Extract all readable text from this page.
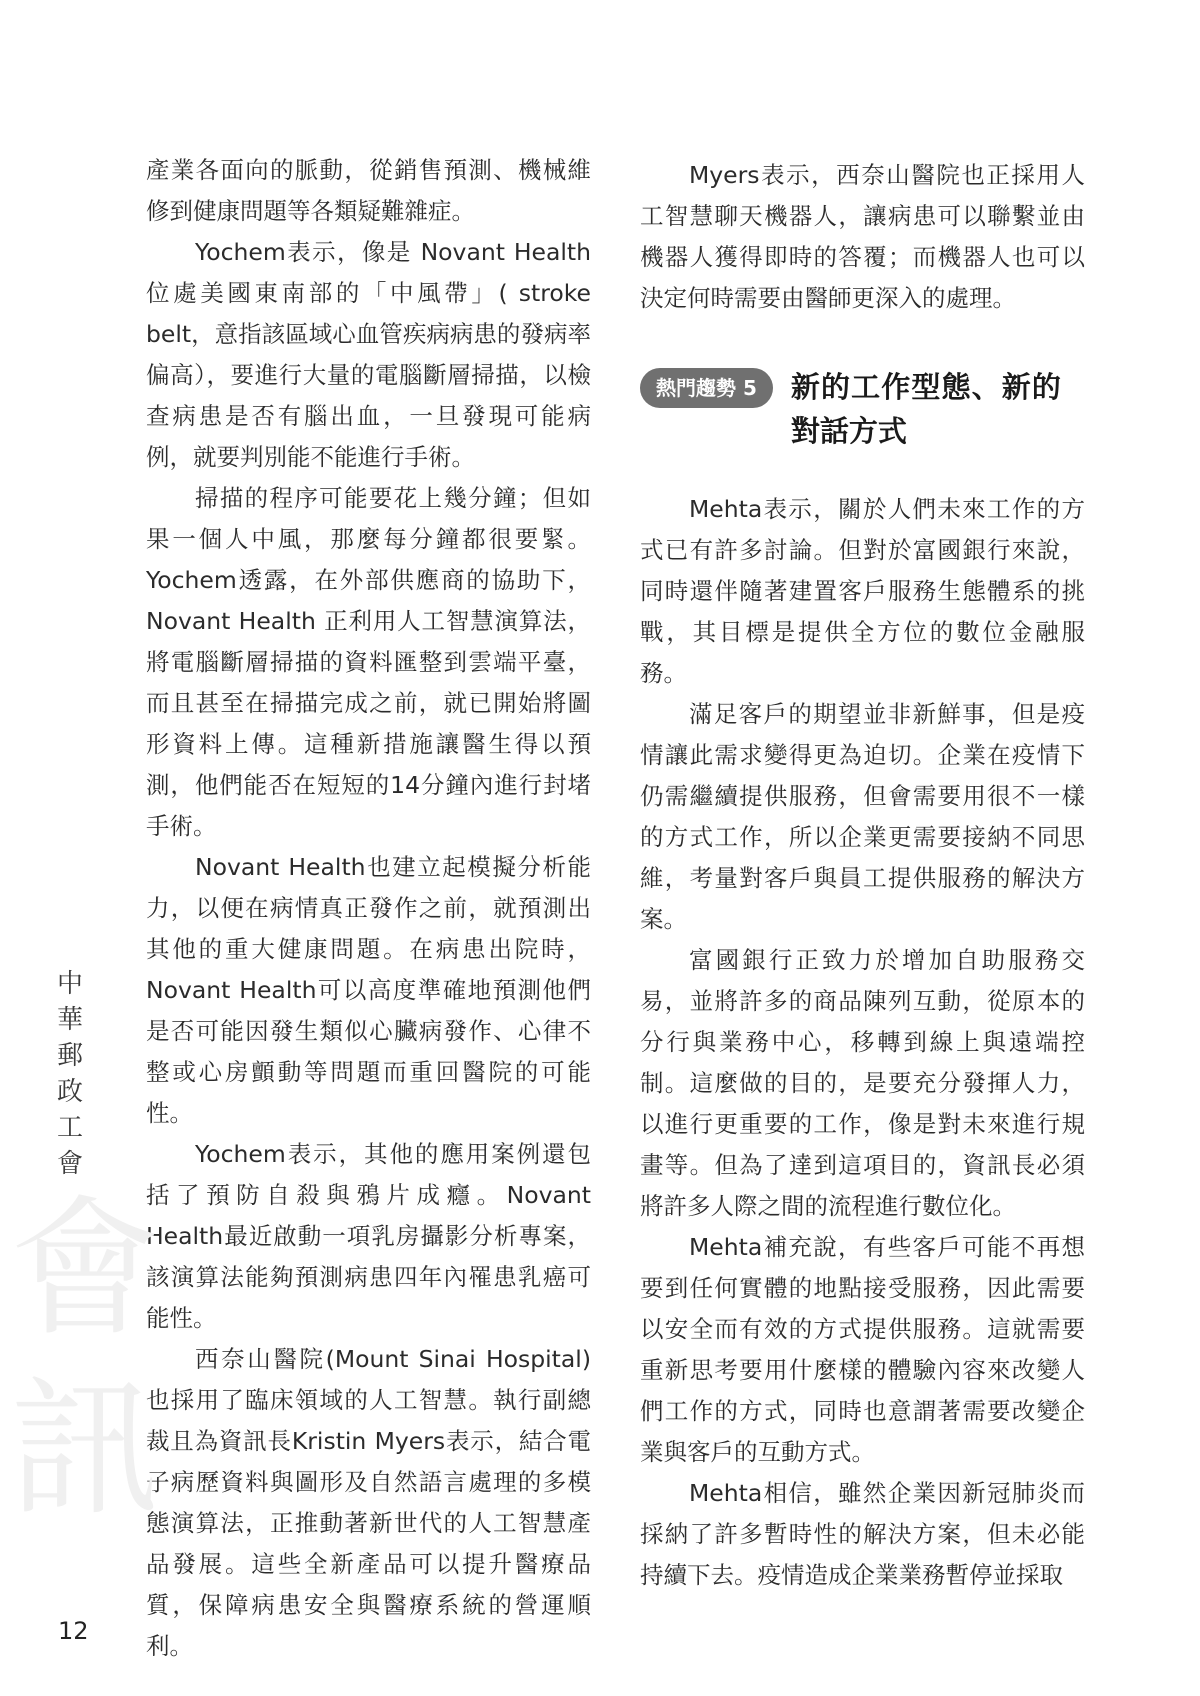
產業各面向的脈動，從銷售預測、機械維修到健康問題等各類疑難雜症。

Yochem表示，像是 Novant Health位處美國東南部的「中風帶」( stroke belt，意指該區域心血管疾病病患的發病率偏高），要進行大量的電腦斷層掃描，以檢查病患是否有腦出血，一旦發現可能病例，就要判別能不能進行手術。

掃描的程序可能要花上幾分鐘；但如果一個人中風，那麼每分鐘都很要緊。Yochem透露，在外部供應商的協助下，Novant Health 正利用人工智慧演算法，將電腦斷層掃描的資料匯整到雲端平臺，而且甚至在掃描完成之前，就已開始將圖形資料上傳。這種新措施讓醫生得以預測，他們能否在短短的14分鐘內進行封堵手術。

Novant Health也建立起模擬分析能力，以便在病情真正發作之前，就預測出其他的重大健康問題。在病患出院時，Novant Health可以高度準確地預測他們是否可能因發生類似心臟病發作、心律不整或心房顫動等問題而重回醫院的可能性。

Yochem表示，其他的應用案例還包括了預防自殺與鴉片成癮。Novant Health最近啟動一項乳房攝影分析專案，該演算法能夠預測病患四年內罹患乳癌可能性。

西奈山醫院(Mount Sinai Hospital)也採用了臨床領域的人工智慧。執行副總裁且為資訊長Kristin Myers表示，結合電子病歷資料與圖形及自然語言處理的多模態演算法，正推動著新世代的人工智慧產品發展。這些全新產品可以提升醫療品質，保障病患安全與醫療系統的營運順利。

Myers表示，西奈山醫院也正採用人工智慧聊天機器人，讓病患可以聯繫並由機器人獲得即時的答覆；而機器人也可以決定何時需要由醫師更深入的處理。

熱門趨勢 5	新的工作型態、新的對話方式

Mehta表示，關於人們未來工作的方式已有許多討論。但對於富國銀行來說，同時還伴隨著建置客戶服務生態體系的挑戰，其目標是提供全方位的數位金融服務。

滿足客戶的期望並非新鮮事，但是疫情讓此需求變得更為迫切。企業在疫情下仍需繼續提供服務，但會需要用很不一樣的方式工作，所以企業更需要接納不同思維，考量對客戶與員工提供服務的解決方案。

富國銀行正致力於增加自助服務交易，並將許多的商品陳列互動，從原本的分行與業務中心，移轉到線上與遠端控制。這麼做的目的，是要充分發揮人力，以進行更重要的工作，像是對未來進行規畫等。但為了達到這項目的，資訊長必須將許多人際之間的流程進行數位化。

Mehta補充說，有些客戶可能不再想要到任何實體的地點接受服務，因此需要以安全而有效的方式提供服務。這就需要重新思考要用什麼樣的體驗內容來改變人們工作的方式，同時也意謂著需要改變企業與客戶的互動方式。

Mehta相信，雖然企業因新冠肺炎而採納了許多暫時性的解決方案，但未必能持續下去。疫情造成企業業務暫停並採取

中
華
郵
政
工
會
會
訊
12
